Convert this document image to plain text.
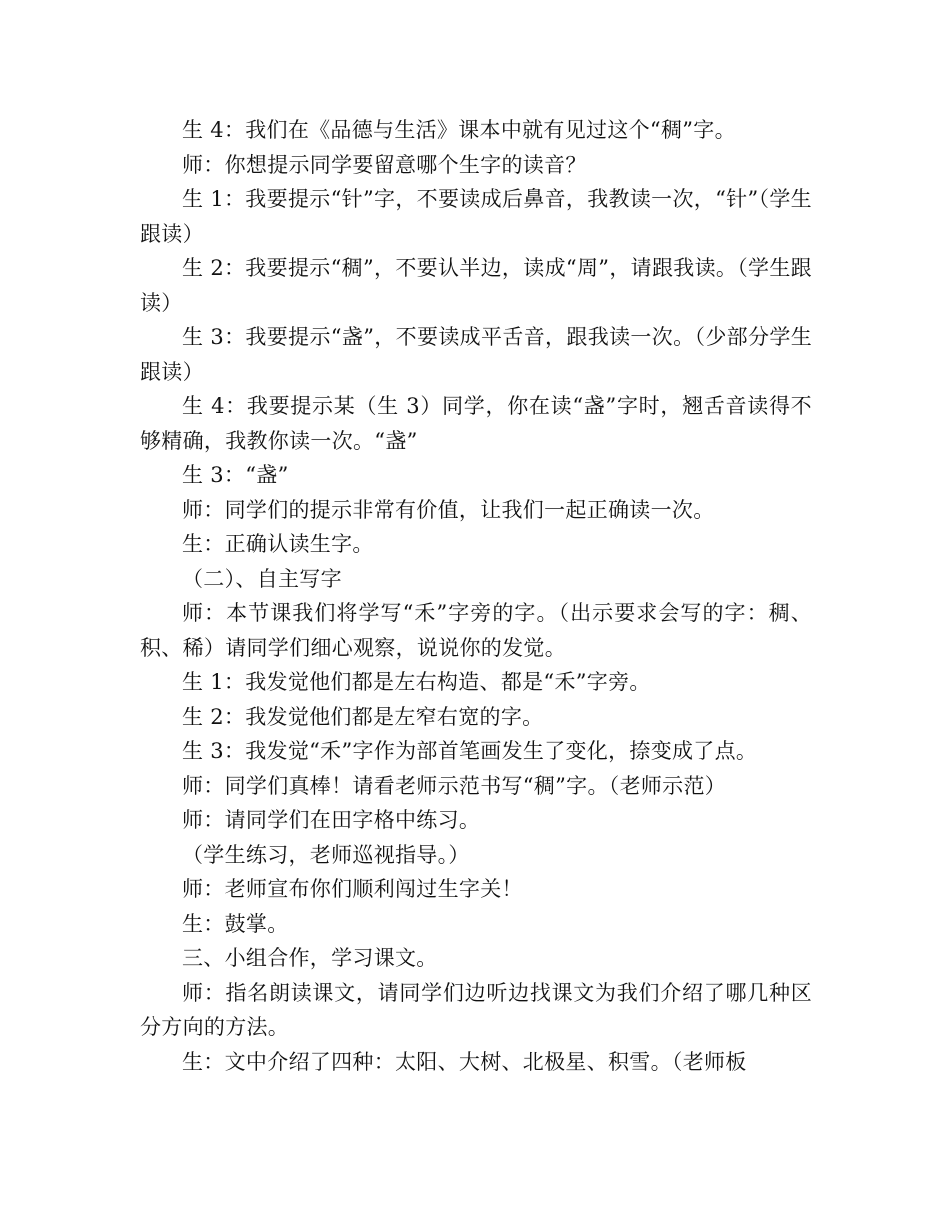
生 4：我们在《品德与生活》课本中就有见过这个“稠”字。

师：你想提示同学要留意哪个生字的读音？

生 1：我要提示“针”字，不要读成后鼻音，我教读一次，“针”（学生跟读）

生 2：我要提示“稠”，不要认半边，读成“周”，请跟我读。（学生跟读）

生 3：我要提示“盏”，不要读成平舌音，跟我读一次。（少部分学生跟读）

生 4：我要提示某（生 3）同学，你在读“盏”字时，翘舌音读得不够精确，我教你读一次。“盏”

生 3：“盏”

师：同学们的提示非常有价值，让我们一起正确读一次。

生：正确认读生字。

（二）、自主写字

师：本节课我们将学写“禾”字旁的字。（出示要求会写的字：稠、积、稀）请同学们细心观察，说说你的发觉。

生 1：我发觉他们都是左右构造、都是“禾”字旁。

生 2：我发觉他们都是左窄右宽的字。

生 3：我发觉“禾”字作为部首笔画发生了变化，捺变成了点。

师：同学们真棒！请看老师示范书写“稠”字。（老师示范）

师：请同学们在田字格中练习。

（学生练习，老师巡视指导。）

师：老师宣布你们顺利闯过生字关！

生：鼓掌。

三、小组合作，学习课文。

师：指名朗读课文，请同学们边听边找课文为我们介绍了哪几种区分方向的方法。

生：文中介绍了四种：太阳、大树、北极星、积雪。（老师板
